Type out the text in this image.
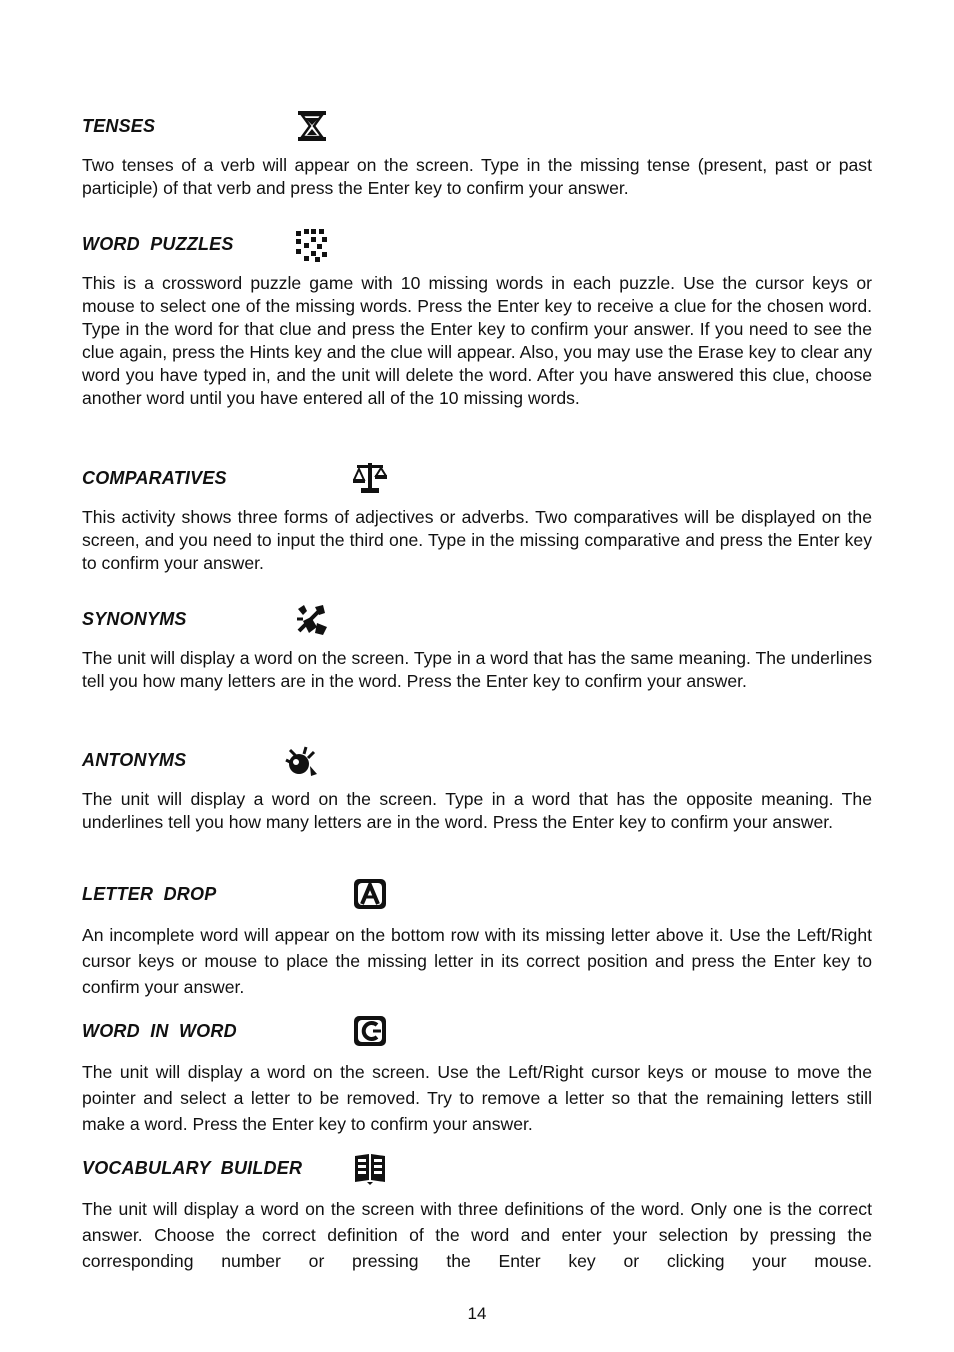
TENSES
Two tenses of a verb will appear on the screen. Type in the missing tense (present, past or past participle) of that verb and press the Enter key to confirm your answer.
WORD  PUZZLES
This is a crossword puzzle game with 10 missing words in each puzzle. Use the cursor keys or mouse to select one of the missing words. Press the Enter key to receive a clue for the chosen word. Type in the word for that clue and press the Enter key to confirm your answer. If you need to see the clue again, press the Hints key and the clue will appear. Also, you may use the Erase key to clear any word you have typed in, and the unit will delete the word. After you have answered this clue, choose another word until you have entered all of the 10 missing words.
COMPARATIVES
This activity shows three forms of adjectives or adverbs. Two comparatives will be displayed on the screen, and you need to input the third one. Type in the missing comparative and press the Enter key to confirm your answer.
SYNONYMS
The unit will display a word on the screen. Type in a word that has the same meaning. The underlines tell you how many letters are in the word. Press the Enter key to confirm your answer.
ANTONYMS
The unit will display a word on the screen. Type in a word that has the opposite meaning. The underlines tell you how many letters are in the word. Press the Enter key to confirm your answer.
LETTER  DROP
An incomplete word will appear on the bottom row with its missing letter above it. Use the Left/Right cursor keys or mouse to place the missing letter in its correct position and press the Enter key to confirm your answer.
WORD  IN  WORD
The unit will display a word on the screen. Use the Left/Right cursor keys or mouse to move the pointer and select a letter to be removed. Try to remove a letter so that the remaining letters still make a word. Press the Enter key to confirm your answer.
VOCABULARY  BUILDER
The unit will display a word on the screen with three definitions of the word. Only one is the correct answer. Choose the correct definition of the word and enter your selection by pressing the corresponding number or pressing the Enter key or clicking your mouse.
14
